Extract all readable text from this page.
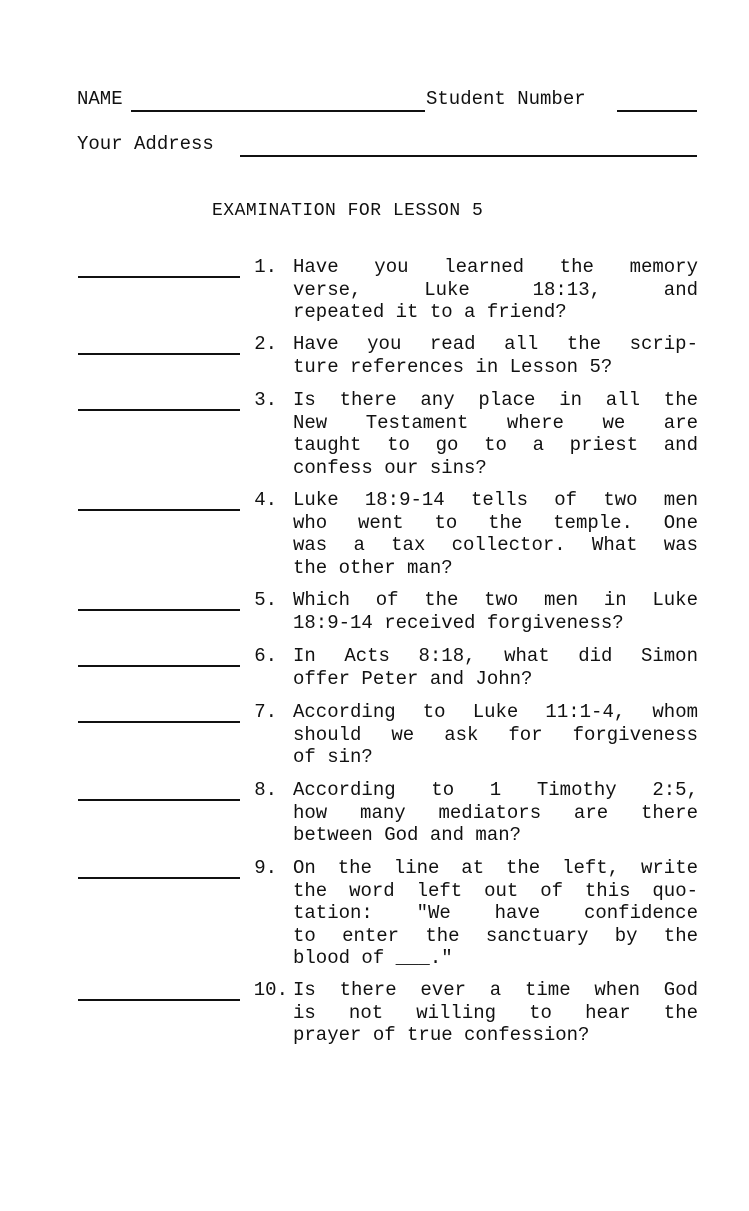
NAME	Student Number
Your Address
EXAMINATION FOR LESSON 5
1. Have you learned the memory
verse, Luke 18:13, and
repeated it to a friend?
2. Have you read all the scrip-
ture references in Lesson 5?
3. Is there any place in all the
New Testament where we are
taught to go to a priest and
confess our sins?
4. Luke 18:9-14 tells of two men
who went to the temple. One
was a tax collector. What was
the other man?
5. Which of the two men in Luke
18:9-14 received forgiveness?
6. In Acts 8:18, what did Simon
offer Peter and John?
7. According to Luke 11:1-4, whom
should we ask for forgiveness
of sin?
8. According to 1 Timothy 2:5,
how many mediators are there
between God and man?
9. On the line at the left, write
the word left out of this quo-
tation: "We have confidence
to enter the sanctuary by the
blood of ___."
10. Is there ever a time when God
is not willing to hear the
prayer of true confession?
